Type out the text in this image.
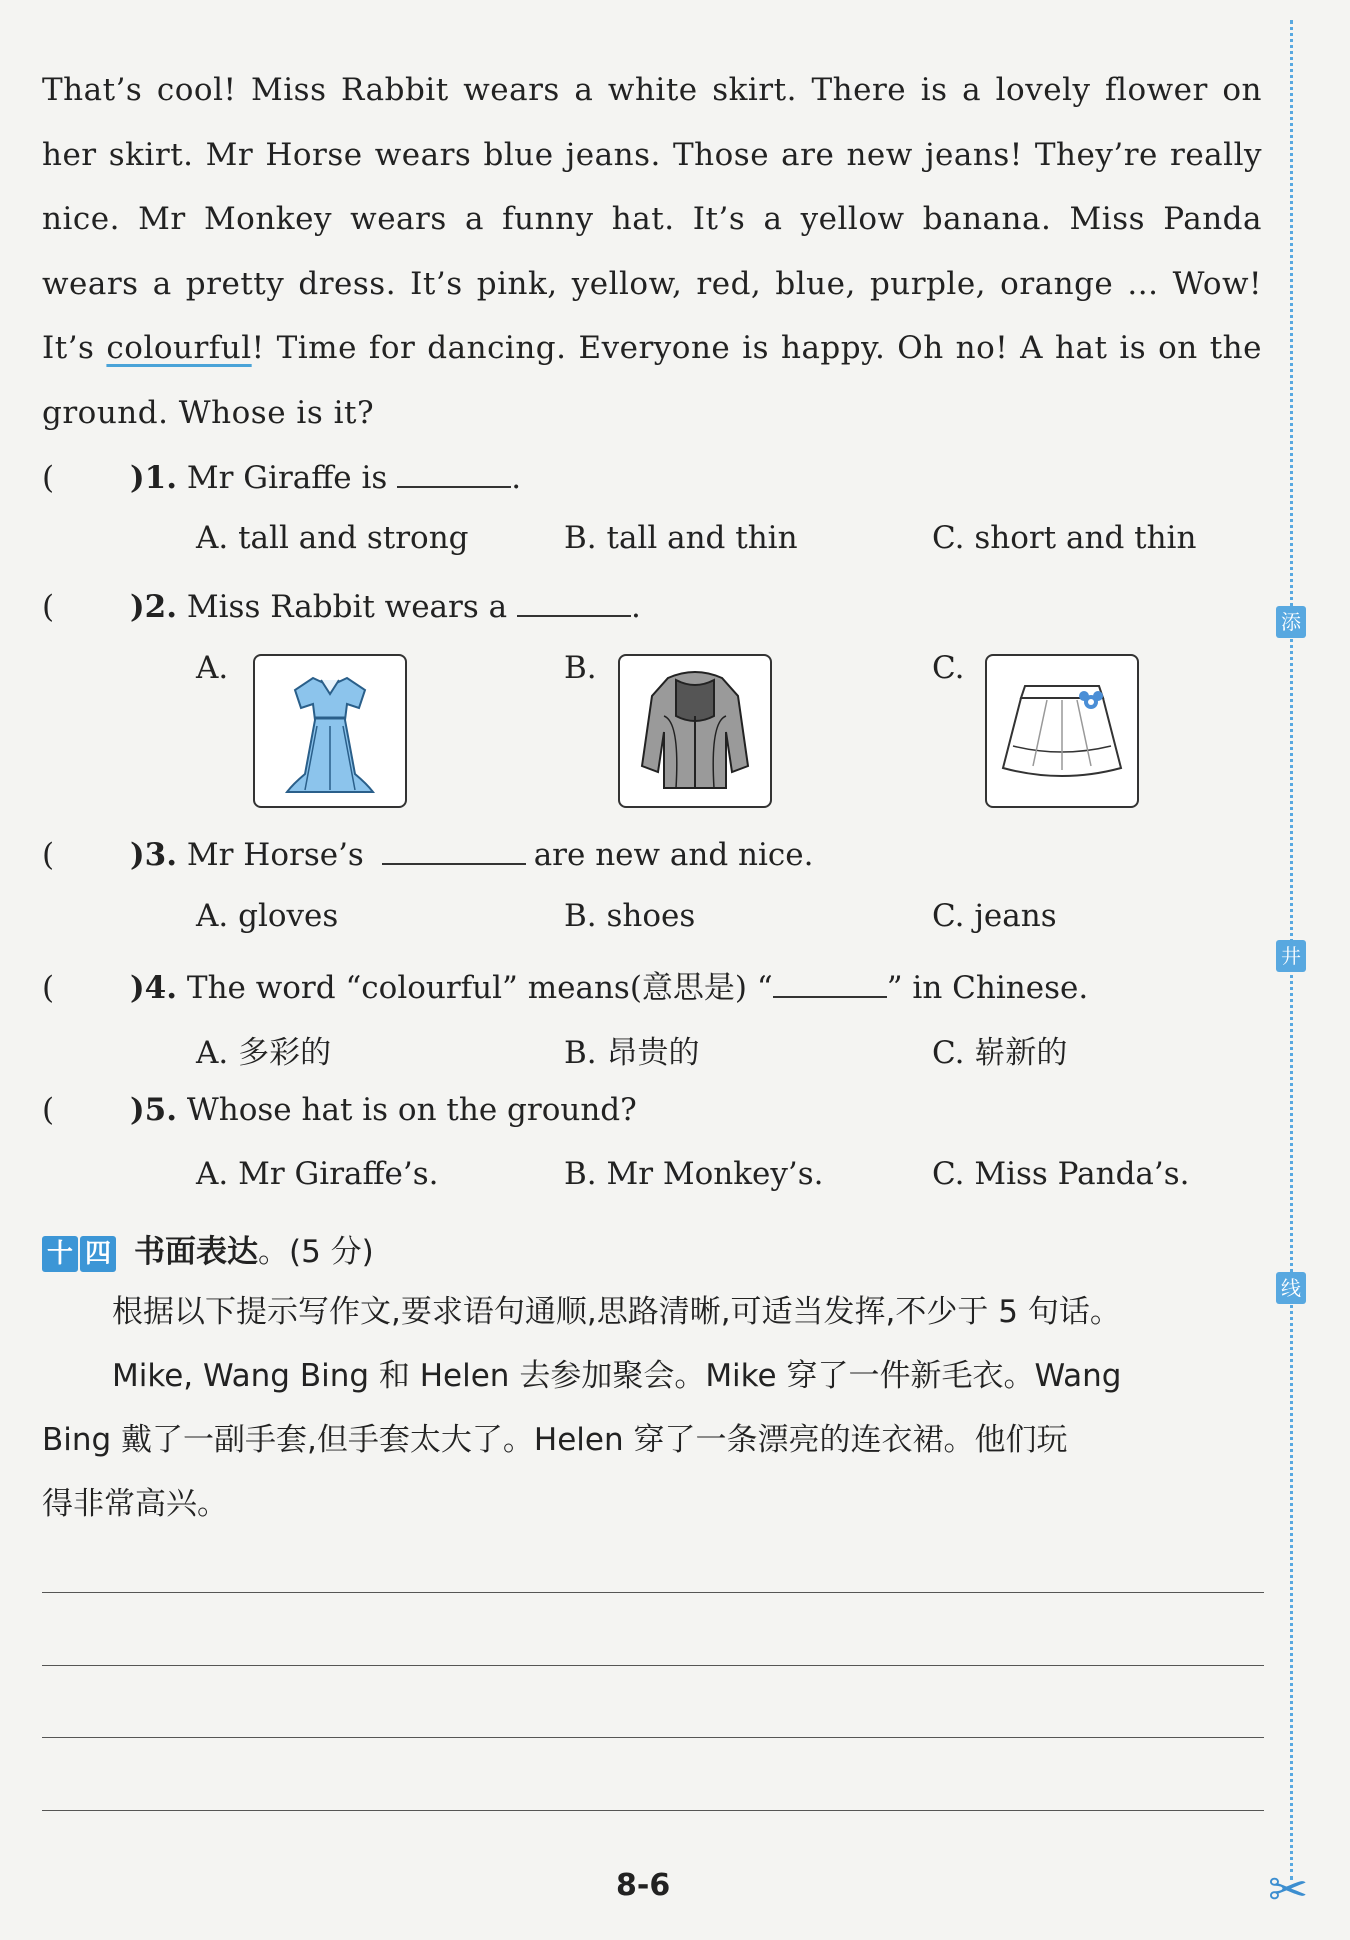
That’s cool! Miss Rabbit wears a white skirt. There is a lovely flower on her skirt. Mr Horse wears blue jeans. Those are new jeans! They’re really nice. Mr Monkey wears a funny hat. It’s a yellow banana. Miss Panda wears a pretty dress. It’s pink, yellow, red, blue, purple, orange ... Wow! It’s colourful! Time for dancing. Everyone is happy. Oh no! A hat is on the ground. Whose is it?

( )1. Mr Giraffe is	.
A. tall and strong	B. tall and thin	C. short and thin
( )2. Miss Rabbit wears a	.
A.	B.	C.
( )3. Mr Horse’s	are new and nice.
A. gloves	B. shoes	C. jeans
( )4. The word “colourful” means(意思是) “	” in Chinese.
A. 多彩的	B. 昂贵的	C. 崭新的
( )5. Whose hat is on the ground?
A. Mr Giraffe’s.	B. Mr Monkey’s.	C. Miss Panda’s.
十 四 书面表达。(5 分)
根据以下提示写作文,要求语句通顺,思路清晰,可适当发挥,不少于 5 句话。
Mike, Wang Bing 和 Helen 去参加聚会。Mike 穿了一件新毛衣。Wang
Bing 戴了一副手套,但手套太大了。Helen 穿了一条漂亮的连衣裙。他们玩
得非常高兴。
8-6
添
井
线
✂
